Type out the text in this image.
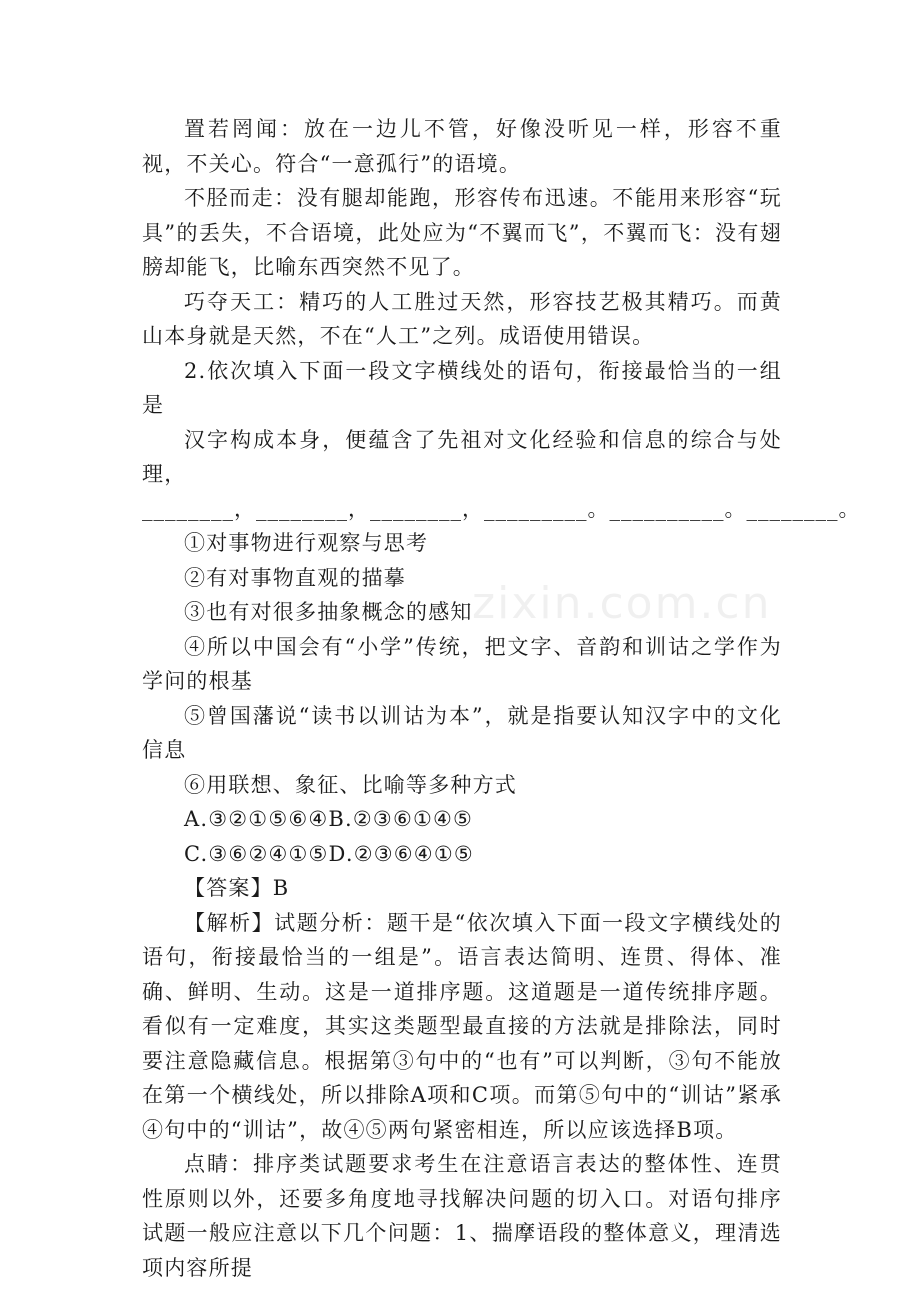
置若罔闻：放在一边儿不管，好像没听见一样，形容不重视，不关心。符合“一意孤行”的语境。

不胫而走：没有腿却能跑，形容传布迅速。不能用来形容“玩具”的丢失，不合语境，此处应为“不翼而飞”，不翼而飞：没有翅膀却能飞，比喻东西突然不见了。

巧夺天工：精巧的人工胜过天然，形容技艺极其精巧。而黄山本身就是天然，不在“人工”之列。成语使用错误。

2.依次填入下面一段文字横线处的语句，衔接最恰当的一组是

汉字构成本身，便蕴含了先祖对文化经验和信息的综合与处理，

________，________，________，_________。__________。________。

①对事物进行观察与思考

②有对事物直观的描摹

③也有对很多抽象概念的感知

④所以中国会有“小学”传统，把文字、音韵和训诂之学作为学问的根基

⑤曾国藩说“读书以训诂为本”，就是指要认知汉字中的文化信息

⑥用联想、象征、比喻等多种方式

A.③②①⑤⑥④B.②③⑥①④⑤

C.③⑥②④①⑤D.②③⑥④①⑤

【答案】B

【解析】试题分析：题干是“依次填入下面一段文字横线处的语句，衔接最恰当的一组是”。语言表达简明、连贯、得体、准确、鲜明、生动。这是一道排序题。这道题是一道传统排序题。看似有一定难度，其实这类题型最直接的方法就是排除法，同时要注意隐藏信息。根据第③句中的“也有”可以判断，③句不能放在第一个横线处，所以排除A项和C项。而第⑤句中的“训诂”紧承④句中的“训诂”，故④⑤两句紧密相连，所以应该选择B项。

点睛：排序类试题要求考生在注意语言表达的整体性、连贯性原则以外，还要多角度地寻找解决问题的切入口。对语句排序试题一般应注意以下几个问题：1、揣摩语段的整体意义，理清选项内容所提

zixin.com.cn
